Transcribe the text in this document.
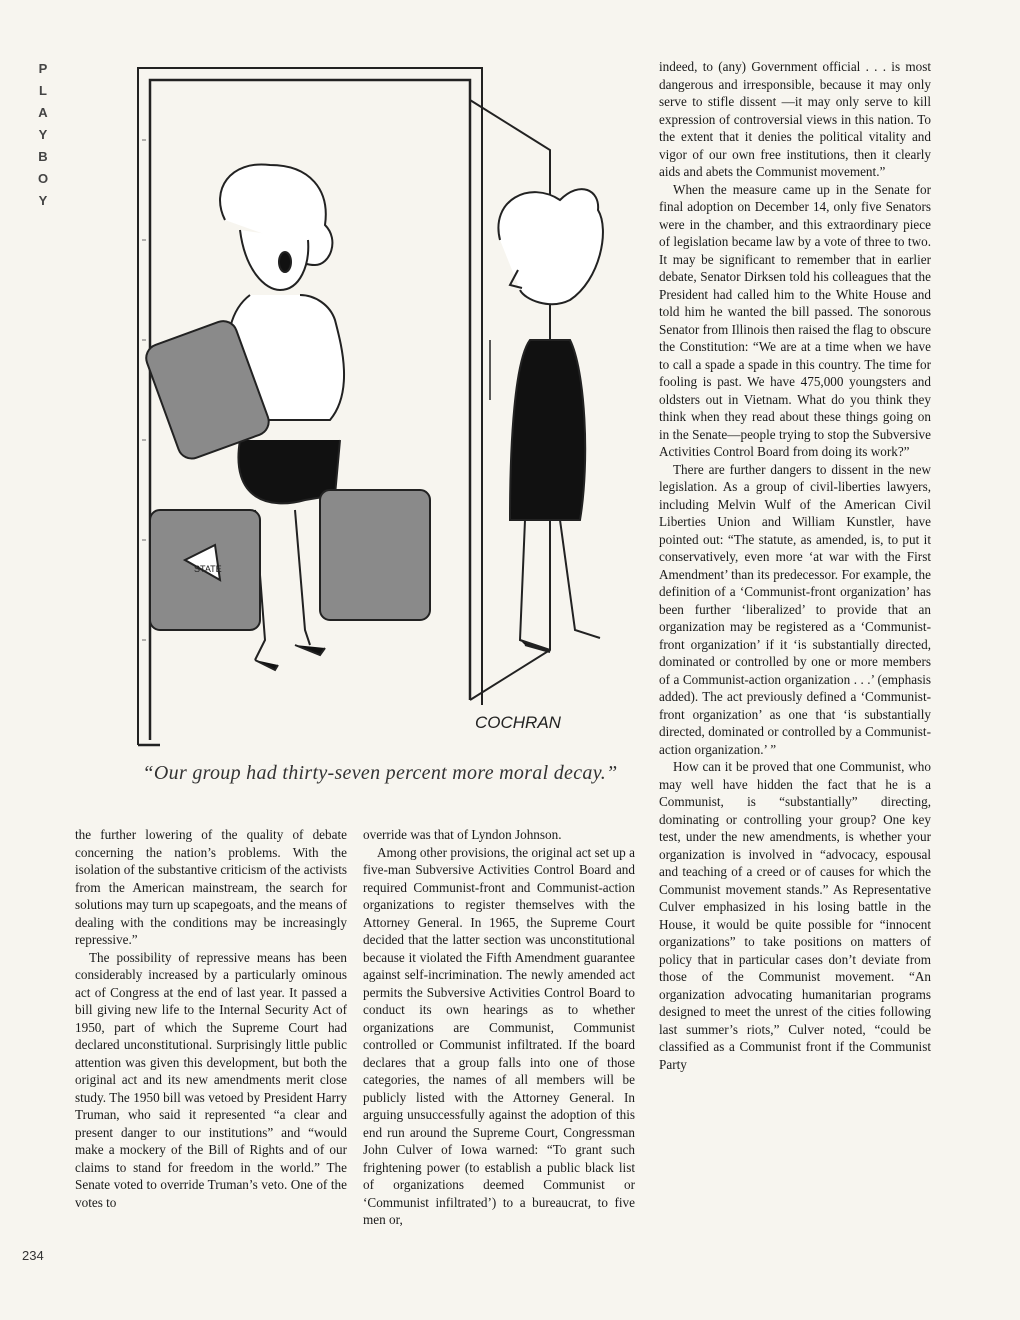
P
L
A
Y
B
O
Y
STATE
COCHRAN
“Our group had thirty-seven percent more moral decay.”

the further lowering of the quality of debate concerning the nation’s problems. With the isolation of the substantive criticism of the activists from the American mainstream, the search for solutions may turn up scapegoats, and the means of dealing with the conditions may be increasingly repressive.”

The possibility of repressive means has been considerably increased by a particularly ominous act of Congress at the end of last year. It passed a bill giving new life to the Internal Security Act of 1950, part of which the Supreme Court had declared unconstitutional. Surprisingly little public attention was given this development, but both the original act and its new amendments merit close study. The 1950 bill was vetoed by President Harry Truman, who said it represented “a clear and present danger to our institutions” and “would make a mockery of the Bill of Rights and of our claims to stand for freedom in the world.” The Senate voted to override Truman’s veto. One of the votes to

override was that of Lyndon Johnson.

Among other provisions, the original act set up a five-man Subversive Activities Control Board and required Communist-front and Communist-action organizations to register themselves with the Attorney General. In 1965, the Supreme Court decided that the latter section was unconstitutional because it violated the Fifth Amendment guarantee against self-incrimination. The newly amended act permits the Subversive Activities Control Board to conduct its own hearings as to whether organizations are Communist, Communist controlled or Communist infiltrated. If the board declares that a group falls into one of those categories, the names of all members will be publicly listed with the Attorney General. In arguing unsuccessfully against the adoption of this end run around the Supreme Court, Congressman John Culver of Iowa warned: “To grant such frightening power (to establish a public black list of organizations deemed Communist or ‘Communist infiltrated’) to a bureaucrat, to five men or,

indeed, to (any) Government official . . . is most dangerous and irresponsible, because it may only serve to stifle dissent —it may only serve to kill expression of controversial views in this nation. To the extent that it denies the political vitality and vigor of our own free institutions, then it clearly aids and abets the Communist movement.”

When the measure came up in the Senate for final adoption on December 14, only five Senators were in the chamber, and this extraordinary piece of legislation became law by a vote of three to two. It may be significant to remember that in earlier debate, Senator Dirksen told his colleagues that the President had called him to the White House and told him he wanted the bill passed. The sonorous Senator from Illinois then raised the flag to obscure the Constitution: “We are at a time when we have to call a spade a spade in this country. The time for fooling is past. We have 475,000 youngsters and oldsters out in Vietnam. What do you think they think when they read about these things going on in the Senate—people trying to stop the Subversive Activities Control Board from doing its work?”

There are further dangers to dissent in the new legislation. As a group of civil-liberties lawyers, including Melvin Wulf of the American Civil Liberties Union and William Kunstler, have pointed out: “The statute, as amended, is, to put it conservatively, even more ‘at war with the First Amendment’ than its predecessor. For example, the definition of a ‘Communist-front organization’ has been further ‘liberalized’ to provide that an organization may be registered as a ‘Communist-front organization’ if it ‘is substantially directed, dominated or controlled by one or more members of a Communist-action organization . . .’ (emphasis added). The act previously defined a ‘Communist-front organization’ as one that ‘is substantially directed, dominated or controlled by a Communist-action organization.’ ”

How can it be proved that one Communist, who may well have hidden the fact that he is a Communist, is “substantially” directing, dominating or controlling your group? One key test, under the new amendments, is whether your organization is involved in “advocacy, espousal and teaching of a creed or of causes for which the Communist movement stands.” As Representative Culver emphasized in his losing battle in the House, it would be quite possible for “innocent organizations” to take positions on matters of policy that in particular cases don’t deviate from those of the Communist movement. “An organization advocating humanitarian programs designed to meet the unrest of the cities following last summer’s riots,” Culver noted, “could be classified as a Communist front if the Communist Party

234
